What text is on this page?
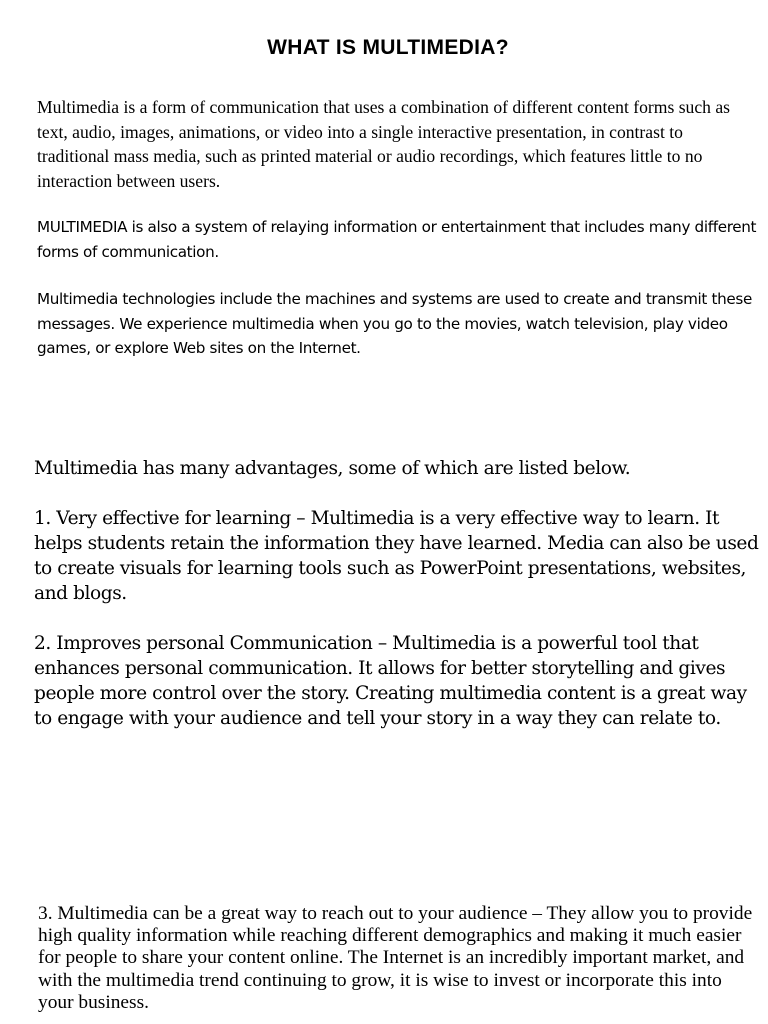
WHAT IS MULTIMEDIA?

Multimedia is a form of communication that uses a combination of different content forms such as text, audio, images, animations, or video into a single interactive presentation, in contrast to traditional mass media, such as printed material or audio recordings, which features little to no interaction between users.

MULTIMEDIA is also a system of relaying information or entertainment that includes many different forms of communication.

Multimedia technologies include the machines and systems are used to create and transmit these messages. We experience multimedia when you go to the movies, watch television, play video games, or explore Web sites on the Internet.

Multimedia has many advantages, some of which are listed below.

1. Very effective for learning – Multimedia is a very effective way to learn. It helps students retain the information they have learned. Media can also be used to create visuals for learning tools such as PowerPoint presentations, websites, and blogs.

2. Improves personal Communication – Multimedia is a powerful tool that enhances personal communication. It allows for better storytelling and gives people more control over the story. Creating multimedia content is a great way to engage with your audience and tell your story in a way they can relate to.

3. Multimedia can be a great way to reach out to your audience – They allow you to provide high quality information while reaching different demographics and making it much easier for people to share your content online. The Internet is an incredibly important market, and with the multimedia trend continuing to grow, it is wise to invest or incorporate this into your business.
